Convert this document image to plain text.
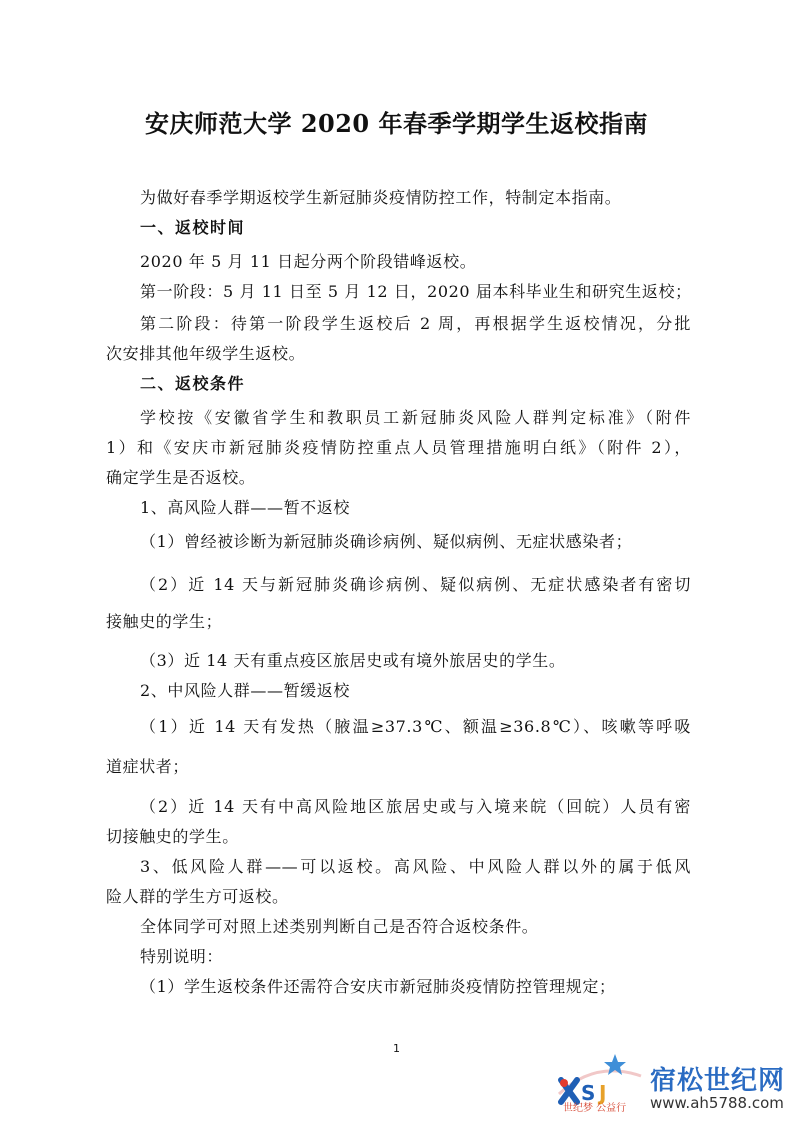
安庆师范大学 2020 年春季学期学生返校指南
为做好春季学期返校学生新冠肺炎疫情防控工作，特制定本指南。
一、返校时间
2020 年 5 月 11 日起分两个阶段错峰返校。
第一阶段：5 月 11 日至 5 月 12 日，2020 届本科毕业生和研究生返校；
第二阶段：待第一阶段学生返校后 2 周，再根据学生返校情况，分批
次安排其他年级学生返校。
二、返校条件
学校按《安徽省学生和教职员工新冠肺炎风险人群判定标准》（附件
1）和《安庆市新冠肺炎疫情防控重点人员管理措施明白纸》（附件 2），
确定学生是否返校。
1、高风险人群——暂不返校
（1）曾经被诊断为新冠肺炎确诊病例、疑似病例、无症状感染者；
（2）近 14 天与新冠肺炎确诊病例、疑似病例、无症状感染者有密切
接触史的学生；
（3）近 14 天有重点疫区旅居史或有境外旅居史的学生。
2、中风险人群——暂缓返校
（1）近 14 天有发热（腋温≥37.3℃、额温≥36.8℃）、咳嗽等呼吸
道症状者；
（2）近 14 天有中高风险地区旅居史或与入境来皖（回皖）人员有密
切接触史的学生。
3、低风险人群——可以返校。高风险、中风险人群以外的属于低风
险人群的学生方可返校。
全体同学可对照上述类别判断自己是否符合返校条件。
特别说明：
（1）学生返校条件还需符合安庆市新冠肺炎疫情防控管理规定；
1
S J
世纪梦 公益行
宿松世纪网
www.ah5788.com
